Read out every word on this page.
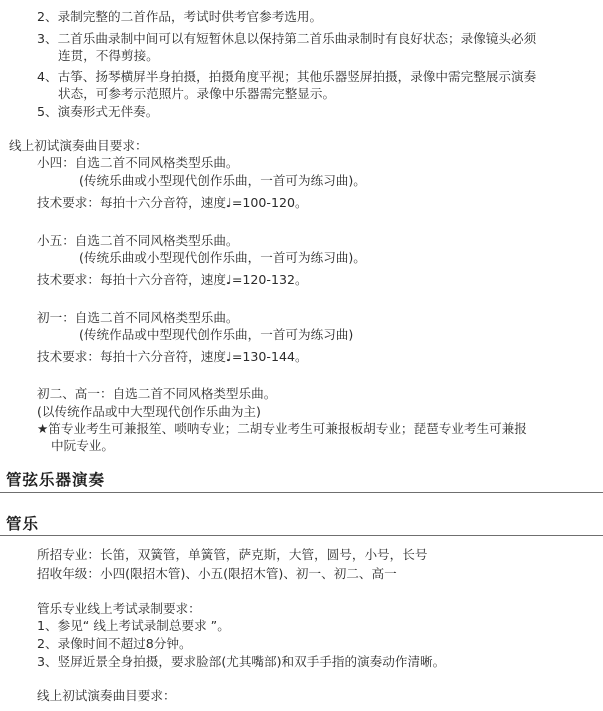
2、录制完整的二首作品，考试时供考官参考选用。
3、二首乐曲录制中间可以有短暂休息以保持第二首乐曲录制时有良好状态；录像镜头必须
连贯，不得剪接。
4、古筝、扬琴横屏半身拍摄，拍摄角度平视；其他乐器竖屏拍摄，录像中需完整展示演奏
状态，可参考示范照片。录像中乐器需完整显示。
5、演奏形式无伴奏。
线上初试演奏曲目要求：
小四：自选二首不同风格类型乐曲。
(传统乐曲或小型现代创作乐曲，一首可为练习曲)。
技术要求：每拍十六分音符，速度♩=100-120。
小五：自选二首不同风格类型乐曲。
(传统乐曲或小型现代创作乐曲，一首可为练习曲)。
技术要求：每拍十六分音符，速度♩=120-132。
初一：自选二首不同风格类型乐曲。
(传统作品或中型现代创作乐曲，一首可为练习曲)
技术要求：每拍十六分音符，速度♩=130-144。
初二、高一：自选二首不同风格类型乐曲。
(以传统作品或中大型现代创作乐曲为主)
★笛专业考生可兼报笙、唢呐专业；二胡专业考生可兼报板胡专业；琵琶专业考生可兼报
中阮专业。
管弦乐器演奏
管乐
所招专业：长笛，双簧管，单簧管，萨克斯，大管，圆号，小号，长号
招收年级：小四(限招木管)、小五(限招木管)、初一、初二、高一
管乐专业线上考试录制要求：
1、参见“ 线上考试录制总要求 ”。
2、录像时间不超过8分钟。
3、竖屏近景全身拍摄，要求脸部(尤其嘴部)和双手手指的演奏动作清晰。
线上初试演奏曲目要求：
